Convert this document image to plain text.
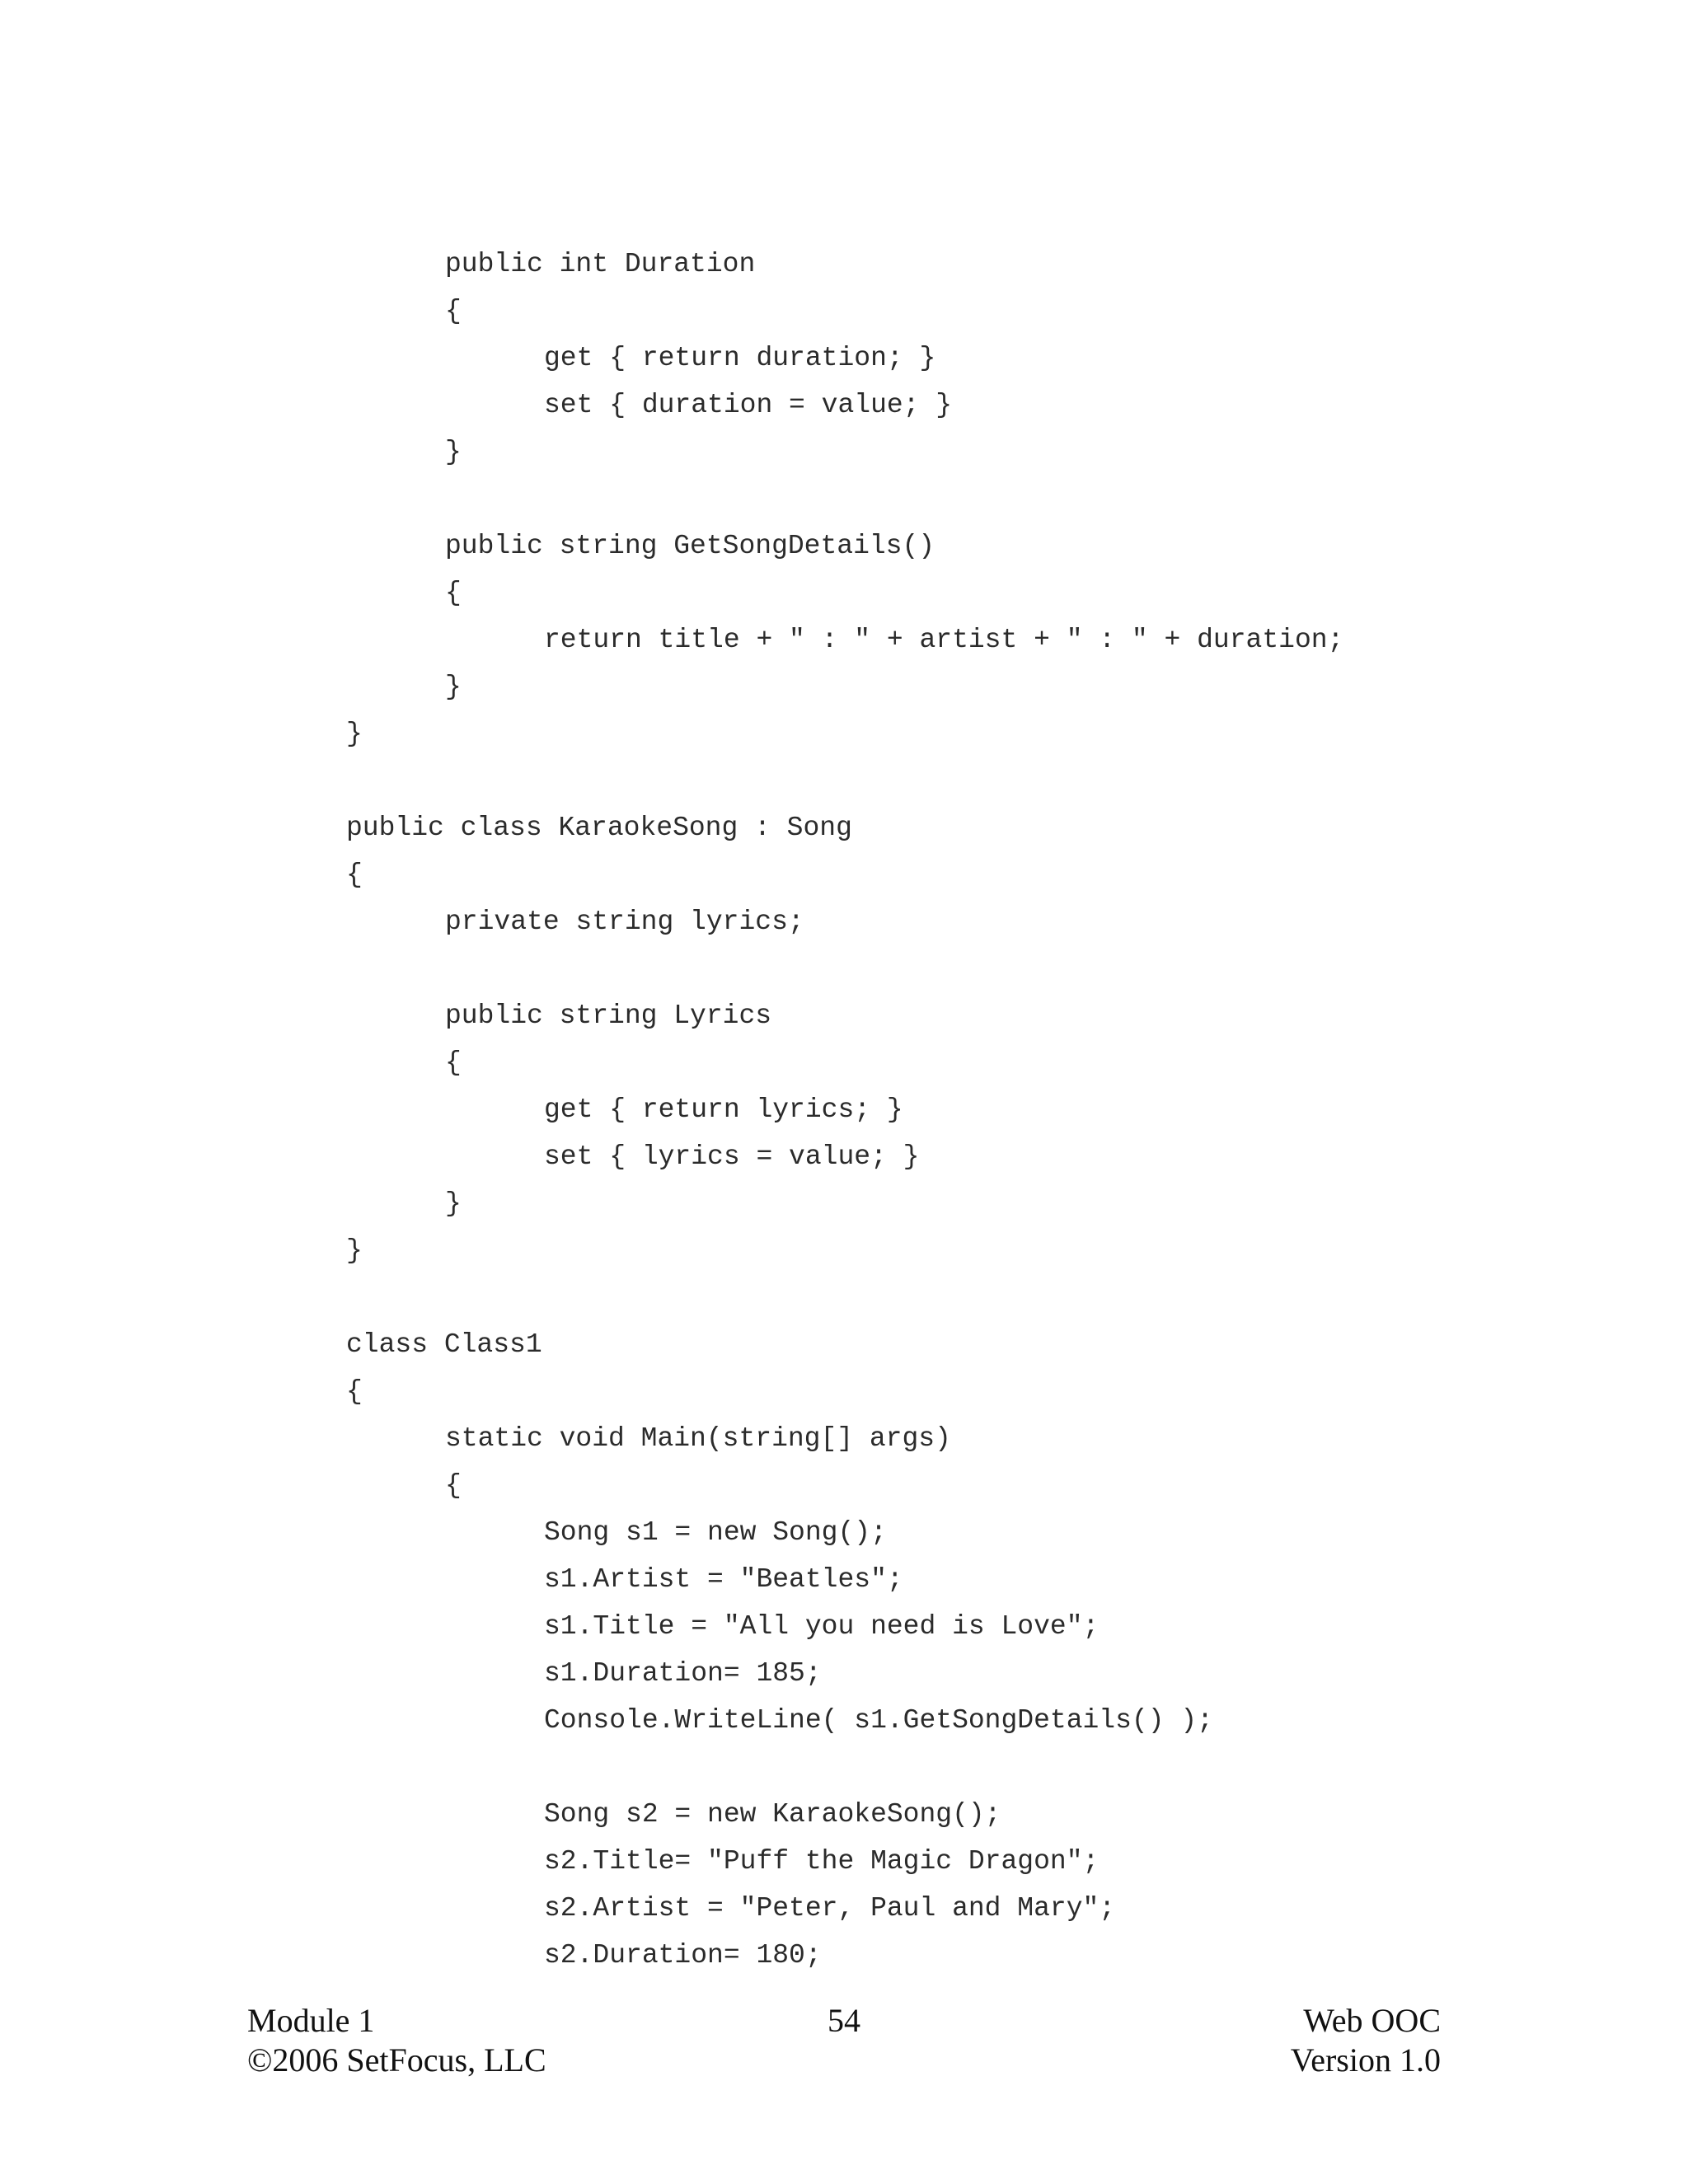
public int Duration
{
get { return duration; }
set { duration = value; }
}
public string GetSongDetails()
{
return title + " : " + artist + " : " + duration;
}
}
public class KaraokeSong : Song
{
private string lyrics;
public string Lyrics
{
get { return lyrics; }
set { lyrics = value; }
}
}
class Class1
{
static void Main(string[] args)
{
Song s1 = new Song();
s1.Artist = "Beatles";
s1.Title = "All you need is Love";
s1.Duration= 185;
Console.WriteLine( s1.GetSongDetails() );
Song s2 = new KaraokeSong();
s2.Title= "Puff the Magic Dragon";
s2.Artist = "Peter, Paul and Mary";
s2.Duration= 180;
Module 1
©2006 SetFocus, LLC
54	Web OOC
Version 1.0
